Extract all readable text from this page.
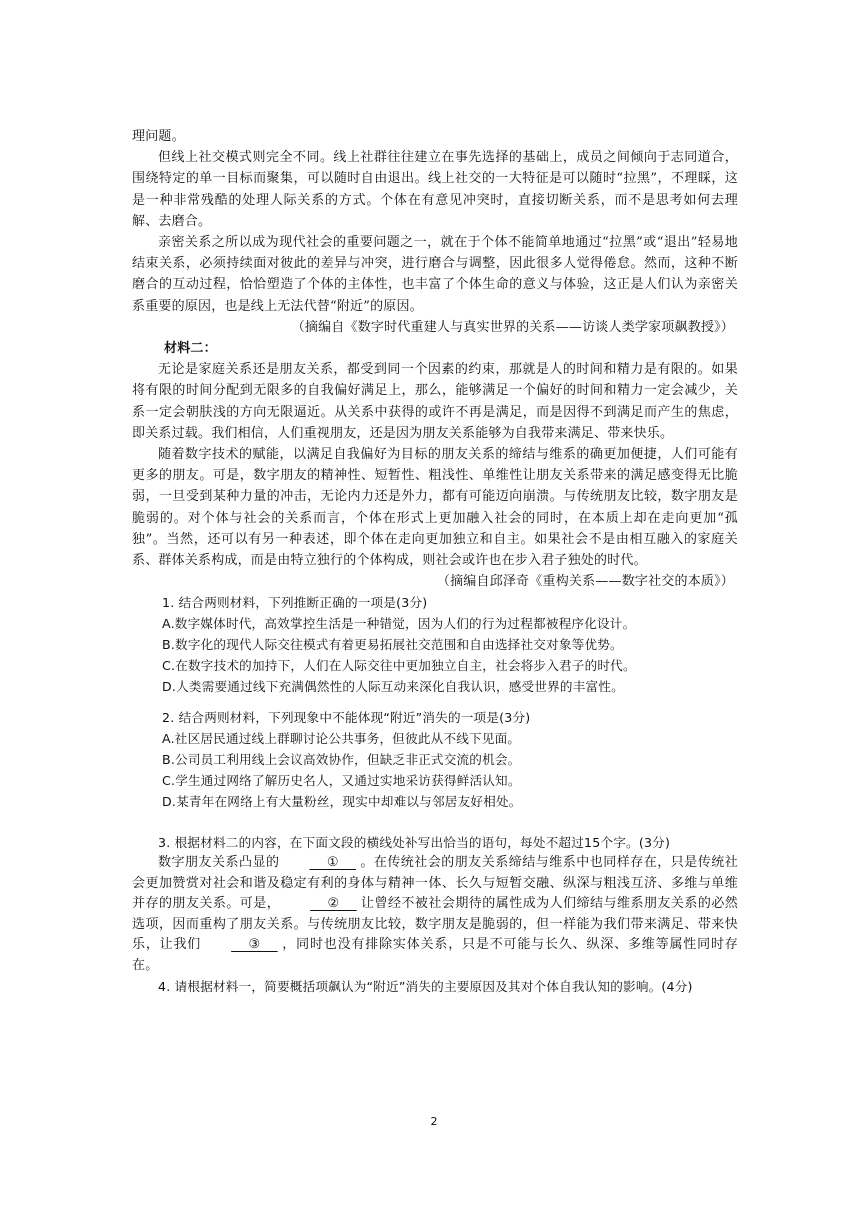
理问题。

但线上社交模式则完全不同。线上社群往往建立在事先选择的基础上，成员之间倾向于志同道合，围绕特定的单一目标而聚集，可以随时自由退出。线上社交的一大特征是可以随时“拉黑”，不理睬，这是一种非常残酷的处理人际关系的方式。个体在有意见冲突时，直接切断关系，而不是思考如何去理解、去磨合。

亲密关系之所以成为现代社会的重要问题之一，就在于个体不能简单地通过“拉黑”或“退出”轻易地结束关系，必须持续面对彼此的差异与冲突，进行磨合与调整，因此很多人觉得倦怠。然而，这种不断磨合的互动过程，恰恰塑造了个体的主体性，也丰富了个体生命的意义与体验，这正是人们认为亲密关系重要的原因，也是线上无法代替“附近”的原因。

（摘编自《数字时代重建人与真实世界的关系——访谈人类学家项飙教授》）

材料二：

无论是家庭关系还是朋友关系，都受到同一个因素的约束，那就是人的时间和精力是有限的。如果将有限的时间分配到无限多的自我偏好满足上，那么，能够满足一个偏好的时间和精力一定会减少，关系一定会朝肤浅的方向无限逼近。从关系中获得的或许不再是满足，而是因得不到满足而产生的焦虑，即关系过载。我们相信，人们重视朋友，还是因为朋友关系能够为自我带来满足、带来快乐。

随着数字技术的赋能，以满足自我偏好为目标的朋友关系的缔结与维系的确更加便捷，人们可能有更多的朋友。可是，数字朋友的精神性、短暂性、粗浅性、单维性让朋友关系带来的满足感变得无比脆弱，一旦受到某种力量的冲击，无论内力还是外力，都有可能迈向崩溃。与传统朋友比较，数字朋友是脆弱的。对个体与社会的关系而言，个体在形式上更加融入社会的同时，在本质上却在走向更加“孤独”。当然，还可以有另一种表述，即个体在走向更加独立和自主。如果社会不是由相互融入的家庭关系、群体关系构成，而是由特立独行的个体构成，则社会或许也在步入君子独处的时代。

（摘编自邱泽奇《重构关系——数字社交的本质》）

1. 结合两则材料，下列推断正确的一项是(3分)

A.数字媒体时代，高效掌控生活是一种错觉，因为人们的行为过程都被程序化设计。

B.数字化的现代人际交往模式有着更易拓展社交范围和自由选择社交对象等优势。

C.在数字技术的加持下，人们在人际交往中更加独立自主，社会将步入君子的时代。

D.人类需要通过线下充满偶然性的人际互动来深化自我认识，感受世界的丰富性。

2. 结合两则材料，下列现象中不能体现“附近”消失的一项是(3分)

A.社区居民通过线上群聊讨论公共事务，但彼此从不线下见面。

B.公司员工利用线上会议高效协作，但缺乏非正式交流的机会。

C.学生通过网络了解历史名人，又通过实地采访获得鲜活认知。

D.某青年在网络上有大量粉丝，现实中却难以与邻居友好相处。

3. 根据材料二的内容，在下面文段的横线处补写出恰当的语句，每处不超过15个字。(3分)

数字朋友关系凸显的    ①    。在传统社会的朋友关系缔结与维系中也同样存在，只是传统社会更加赞赏对社会和谐及稳定有利的身体与精神一体、长久与短暂交融、纵深与粗浅互济、多维与单维并存的朋友关系。可是，    ②    让曾经不被社会期待的属性成为人们缔结与维系朋友关系的必然选项，因而重构了朋友关系。与传统朋友比较，数字朋友是脆弱的，但一样能为我们带来满足、带来快乐，让我们    ③    ，同时也没有排除实体关系，只是不可能与长久、纵深、多维等属性同时存在。

4. 请根据材料一，简要概括项飙认为“附近”消失的主要原因及其对个体自我认知的影响。(4分)

2
